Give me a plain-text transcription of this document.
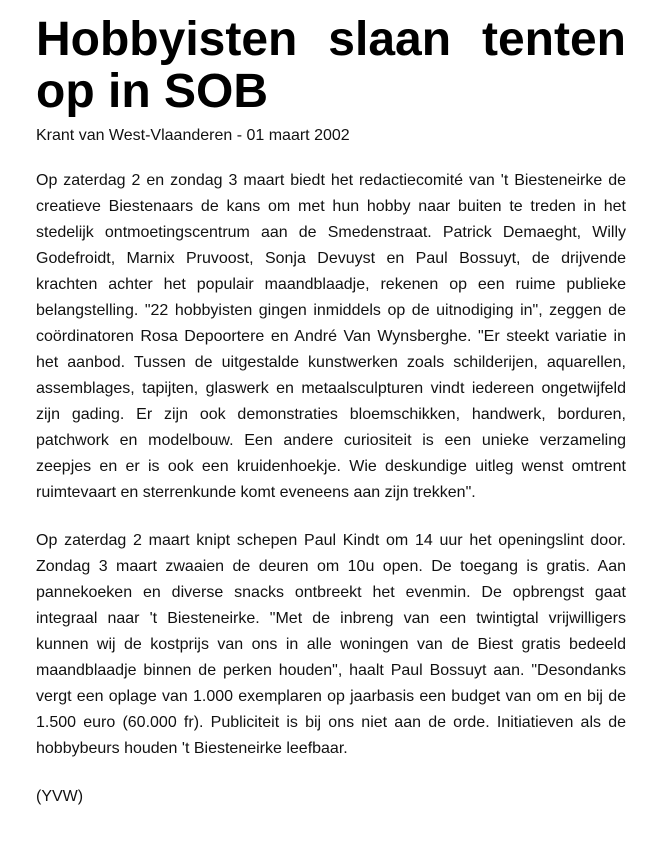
Hobbyisten slaan tenten op in SOB
Krant van West-Vlaanderen - 01 maart 2002

Op zaterdag 2 en zondag 3 maart biedt het redactiecomité van 't Biesteneirke de creatieve Biestenaars de kans om met hun hobby naar buiten te treden in het stedelijk ontmoetingscentrum aan de Smedenstraat. Patrick Demaeght, Willy Godefroidt, Marnix Pruvoost, Sonja Devuyst en Paul Bossuyt, de drijvende krachten achter het populair maandblaadje, rekenen op een ruime publieke belangstelling. "22 hobbyisten gingen inmiddels op de uitnodiging in", zeggen de coördinatoren Rosa Depoortere en André Van Wynsberghe. "Er steekt variatie in het aanbod. Tussen de uitgestalde kunstwerken zoals schilderijen, aquarellen, assemblages, tapijten, glaswerk en metaalsculpturen vindt iedereen ongetwijfeld zijn gading. Er zijn ook demonstraties bloemschikken, handwerk, borduren, patchwork en modelbouw. Een andere curiositeit is een unieke verzameling zeepjes en er is ook een kruidenhoekje. Wie deskundige uitleg wenst omtrent ruimtevaart en sterrenkunde komt eveneens aan zijn trekken".

Op zaterdag 2 maart knipt schepen Paul Kindt om 14 uur het openingslint door. Zondag 3 maart zwaaien de deuren om 10u open. De toegang is gratis. Aan pannekoeken en diverse snacks ontbreekt het evenmin. De opbrengst gaat integraal naar 't Biesteneirke. "Met de inbreng van een twintigtal vrijwilligers kunnen wij de kostprijs van ons in alle woningen van de Biest gratis bedeeld maandblaadje binnen de perken houden", haalt Paul Bossuyt aan. "Desondanks vergt een oplage van 1.000 exemplaren op jaarbasis een budget van om en bij de 1.500 euro (60.000 fr). Publiciteit is bij ons niet aan de orde. Initiatieven als de hobbybeurs houden 't Biesteneirke leefbaar.

(YVW)
